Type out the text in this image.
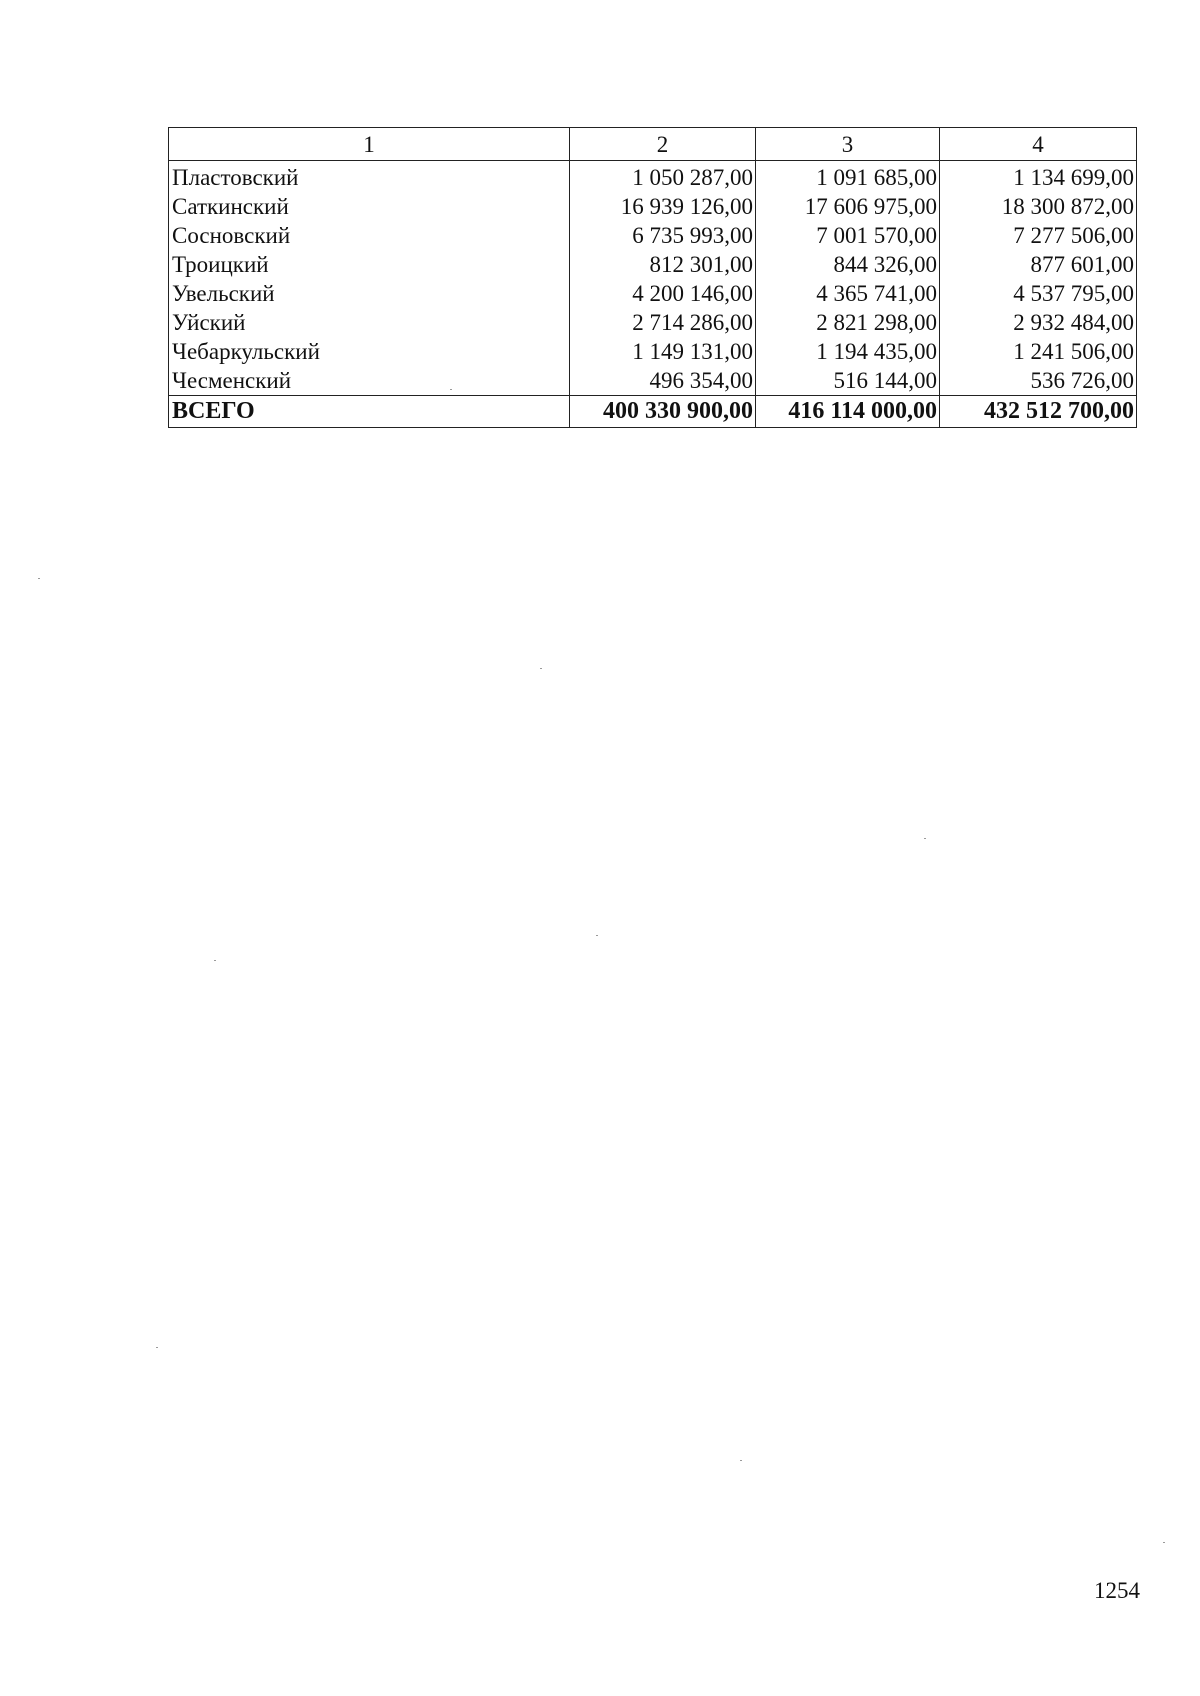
1	2	3	4
Пластовский	1 050 287,00	1 091 685,00	1 134 699,00
Саткинский	16 939 126,00	17 606 975,00	18 300 872,00
Сосновский	6 735 993,00	7 001 570,00	7 277 506,00
Троицкий	812 301,00	844 326,00	877 601,00
Увельский	4 200 146,00	4 365 741,00	4 537 795,00
Уйский	2 714 286,00	2 821 298,00	2 932 484,00
Чебаркульский	1 149 131,00	1 194 435,00	1 241 506,00
Чесменский	496 354,00	516 144,00	536 726,00
ВСЕГО	400 330 900,00	416 114 000,00	432 512 700,00
1254
